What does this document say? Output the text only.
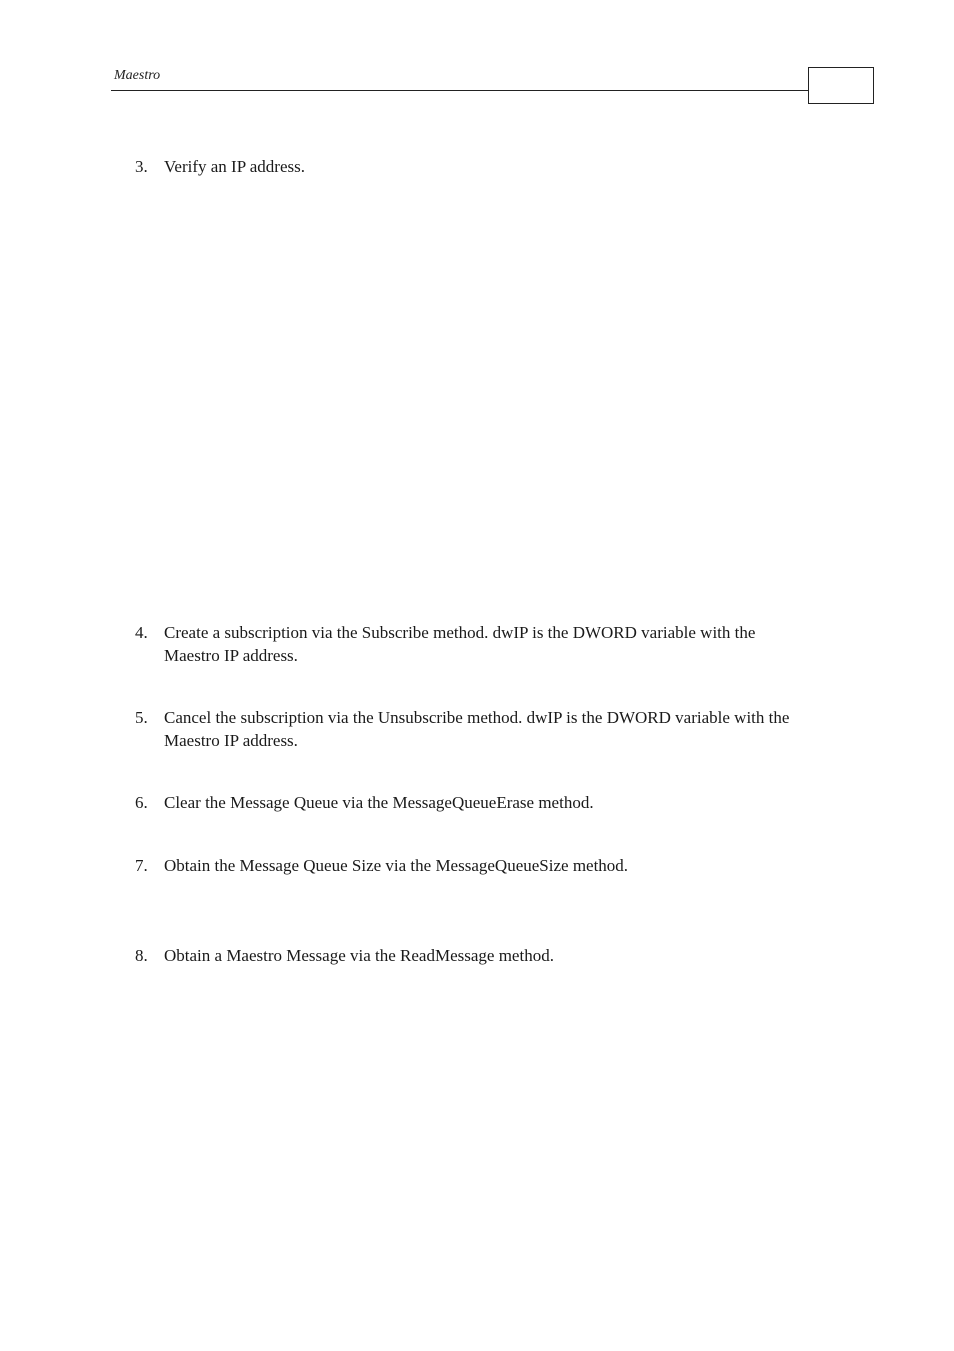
Maestro
3. Verify an IP address.
4. Create a subscription via the Subscribe method. dwIP is the DWORD variable with the Maestro IP address.
5. Cancel the subscription via the Unsubscribe method. dwIP is the DWORD variable with the Maestro IP address.
6. Clear the Message Queue via the MessageQueueErase method.
7. Obtain the Message Queue Size via the MessageQueueSize method.
8. Obtain a Maestro Message via the ReadMessage method.
